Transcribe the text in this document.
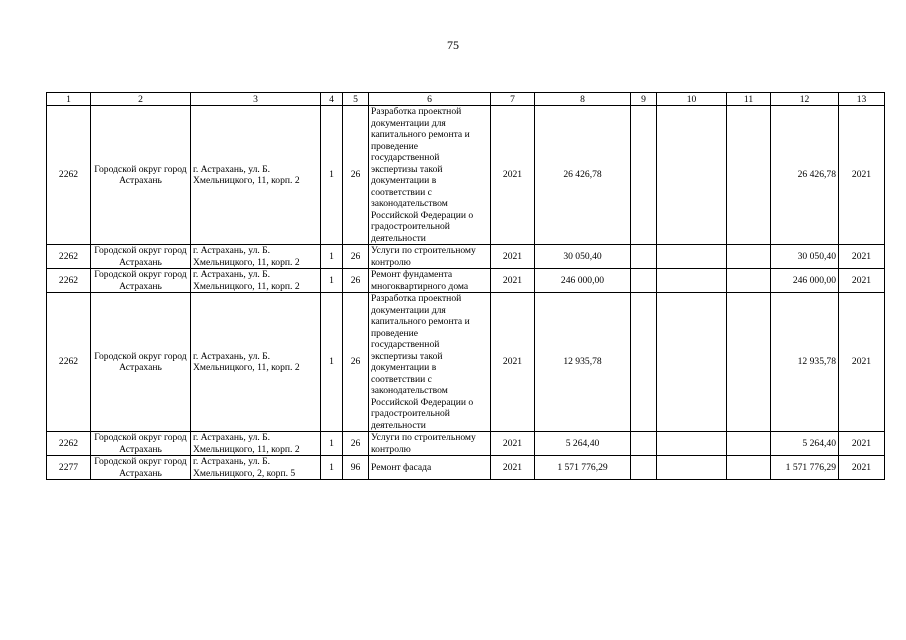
75
1	2	3	4	5	6	7	8	9	10	11	12	13
2262	Городской округ город Астрахань	г. Астрахань, ул. Б. Хмельницкого, 11, корп. 2	1	26	Разработка проектной документации для капитального ремонта и проведение государственной экспертизы такой документации в соответствии с законодательством Российской Федерации о градостроительной деятельности	2021	26 426,78				26 426,78	2021
2262	Городской округ город Астрахань	г. Астрахань, ул. Б. Хмельницкого, 11, корп. 2	1	26	Услуги по строительному контролю	2021	30 050,40				30 050,40	2021
2262	Городской округ город Астрахань	г. Астрахань, ул. Б. Хмельницкого, 11, корп. 2	1	26	Ремонт фундамента многоквартирного дома	2021	246 000,00				246 000,00	2021
2262	Городской округ город Астрахань	г. Астрахань, ул. Б. Хмельницкого, 11, корп. 2	1	26	Разработка проектной документации для капитального ремонта и проведение государственной экспертизы такой документации в соответствии с законодательством Российской Федерации о градостроительной деятельности	2021	12 935,78				12 935,78	2021
2262	Городской округ город Астрахань	г. Астрахань, ул. Б. Хмельницкого, 11, корп. 2	1	26	Услуги по строительному контролю	2021	5 264,40				5 264,40	2021
2277	Городской округ город Астрахань	г. Астрахань, ул. Б. Хмельницкого, 2, корп. 5	1	96	Ремонт фасада	2021	1 571 776,29				1 571 776,29	2021
